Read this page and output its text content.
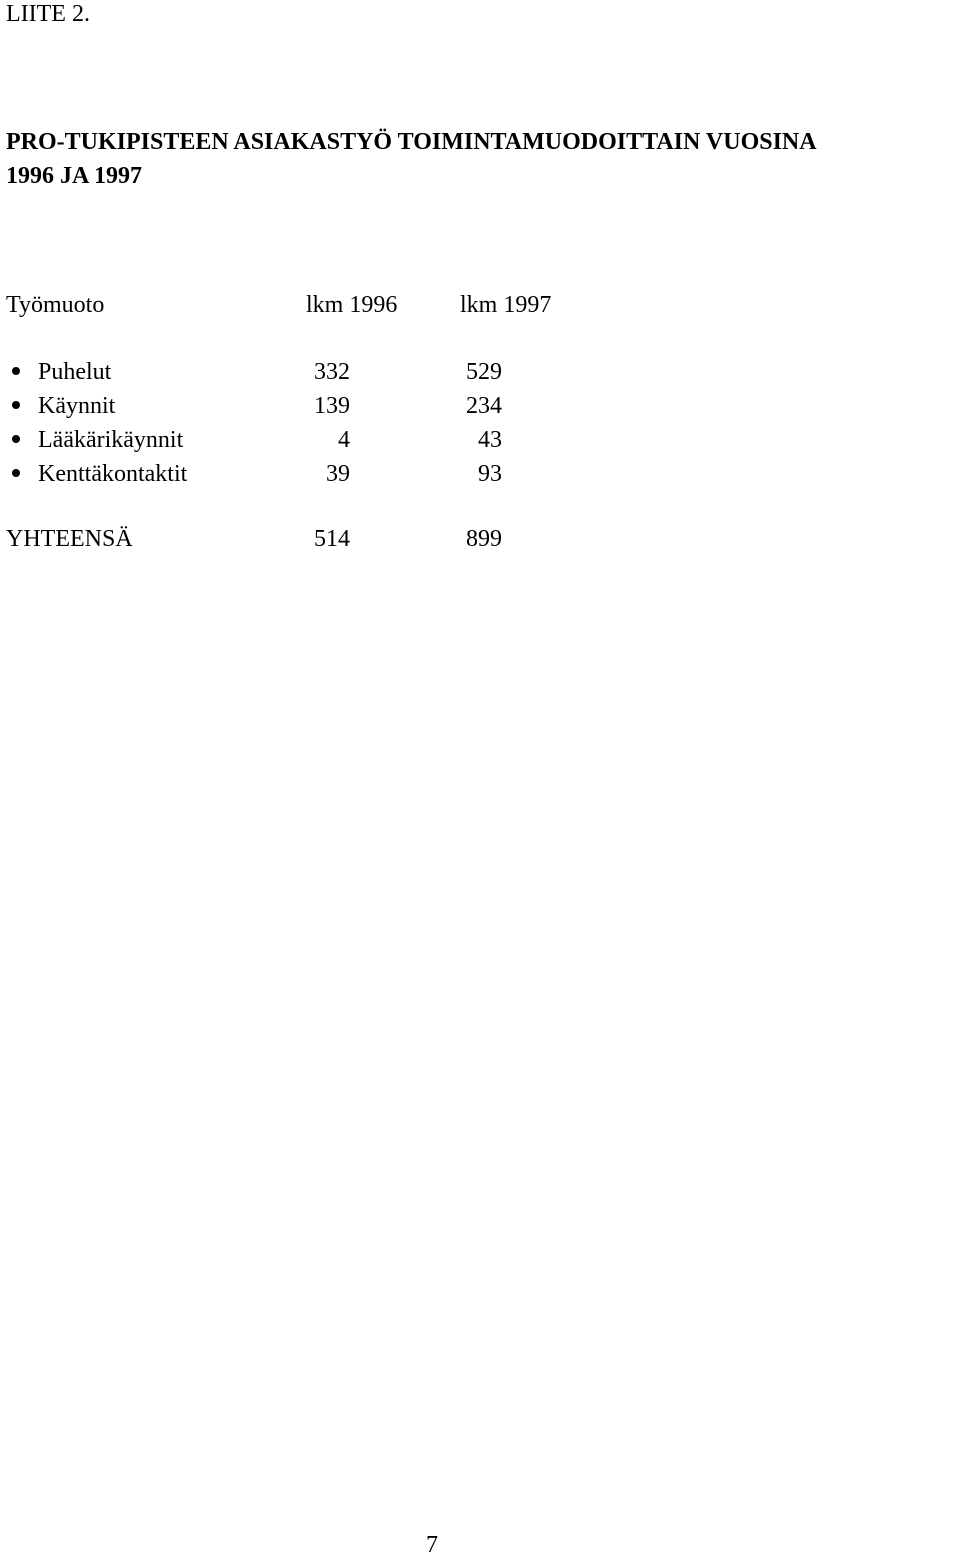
LIITE 2.
PRO-TUKIPISTEEN ASIAKASTYÖ TOIMINTAMUODOITTAIN VUOSINA
1996 JA 1997
Työmuoto	lkm 1996	lkm 1997
Puhelut	332	529
Käynnit	139	234
Lääkärikäynnit	4	43
Kenttäkontaktit	39	93
YHTEENSÄ	514	899
7
